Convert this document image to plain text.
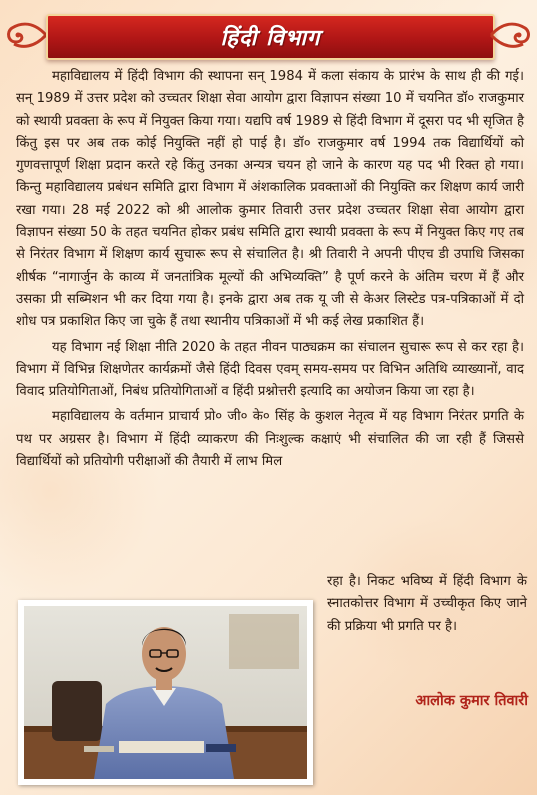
हिंदी विभाग

महाविद्यालय में हिंदी विभाग की स्थापना सन् 1984 में कला संकाय के प्रारंभ के साथ ही की गई। सन् 1989 में उत्तर प्रदेश को उच्चतर शिक्षा सेवा आयोग द्वारा विज्ञापन संख्या 10 में चयनित डॉ० राजकुमार को स्थायी प्रवक्ता के रूप में नियुक्त किया गया। यद्यपि वर्ष 1989 से हिंदी विभाग में दूसरा पद भी सृजित है किंतु इस पर अब तक कोई नियुक्ति नहीं हो पाई है। डॉ० राजकुमार वर्ष 1994 तक विद्यार्थियों को गुणवत्तापूर्ण शिक्षा प्रदान करते रहे किंतु उनका अन्यत्र चयन हो जाने के कारण यह पद भी रिक्त हो गया। किन्तु महाविद्यालय प्रबंधन समिति द्वारा विभाग में अंशकालिक प्रवक्ताओं की नियुक्ति कर शिक्षण कार्य जारी रखा गया। 28 मई 2022 को श्री आलोक कुमार तिवारी उत्तर प्रदेश उच्चतर शिक्षा सेवा आयोग द्वारा विज्ञापन संख्या 50 के तहत चयनित होकर प्रबंध समिति द्वारा स्थायी प्रवक्ता के रूप में नियुक्त किए गए तब से निरंतर विभाग में शिक्षण कार्य सुचारू रूप से संचालित है। श्री तिवारी ने अपनी पीएच डी उपाधि जिसका शीर्षक “नागार्जुन के काव्य में जनतांत्रिक मूल्यों की अभिव्यक्ति” है पूर्ण करने के अंतिम चरण में हैं और उसका प्री सब्मिशन भी कर दिया गया है। इनके द्वारा अब तक यू जी से केअर लिस्टेड पत्र-पत्रिकाओं में दो शोध पत्र प्रकाशित किए जा चुके हैं तथा स्थानीय पत्रिकाओं में भी कई लेख प्रकाशित हैं।

यह विभाग नई शिक्षा नीति 2020 के तहत नीवन पाठ्यक्रम का संचालन सुचारू रूप से कर रहा है। विभाग में विभिन्न शिक्षणेतर कार्यक्रमों जैसे हिंदी दिवस एवम् समय-समय पर विभिन अतिथि व्याख्यानों, वाद विवाद प्रतियोगिताओं, निबंध प्रतियोगिताओं व हिंदी प्रश्नोत्तरी इत्यादि का अयोजन किया जा रहा है।

महाविद्यालय के वर्तमान प्राचार्य प्रो० जी० के० सिंह के कुशल नेतृत्व में यह विभाग निरंतर प्रगति के पथ पर अग्रसर है। विभाग में हिंदी व्याकरण की निःशुल्क कक्षाएं भी संचालित की जा रही हैं जिससे विद्यार्थियों को प्रतियोगी परीक्षाओं की तैयारी में लाभ मिल

रहा है। निकट भविष्य में हिंदी विभाग के स्नातकोत्तर विभाग में उच्चीकृत किए जाने की प्रक्रिया भी प्रगति पर है।

आलोक कुमार तिवारी
